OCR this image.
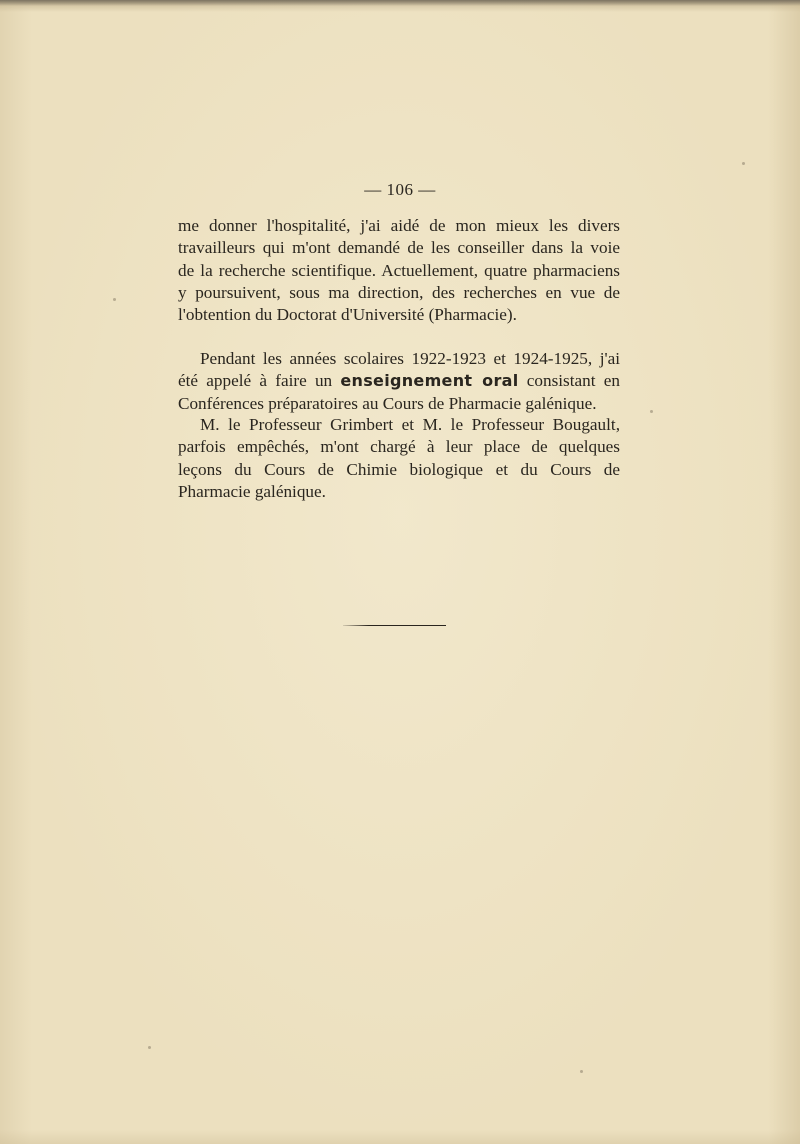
— 106 —
me donner l'hospitalité, j'ai aidé de mon mieux les divers
travailleurs qui m'ont demandé de les conseiller dans la voie
de la recherche scientifique. Actuellement, quatre pharmaciens
y poursuivent, sous ma direction, des recherches en vue de
l'obtention du Doctorat d'Université (Pharmacie).
Pendant les années scolaires 1922-1923 et 1924-1925, j'ai
été appelé à faire un enseignement oral consistant en
Conférences préparatoires au Cours de Pharmacie galénique.
M. le Professeur Grimbert et M. le Professeur Bougault,
parfois empêchés, m'ont chargé à leur place de quelques
leçons du Cours de Chimie biologique et du Cours de
Pharmacie galénique.
